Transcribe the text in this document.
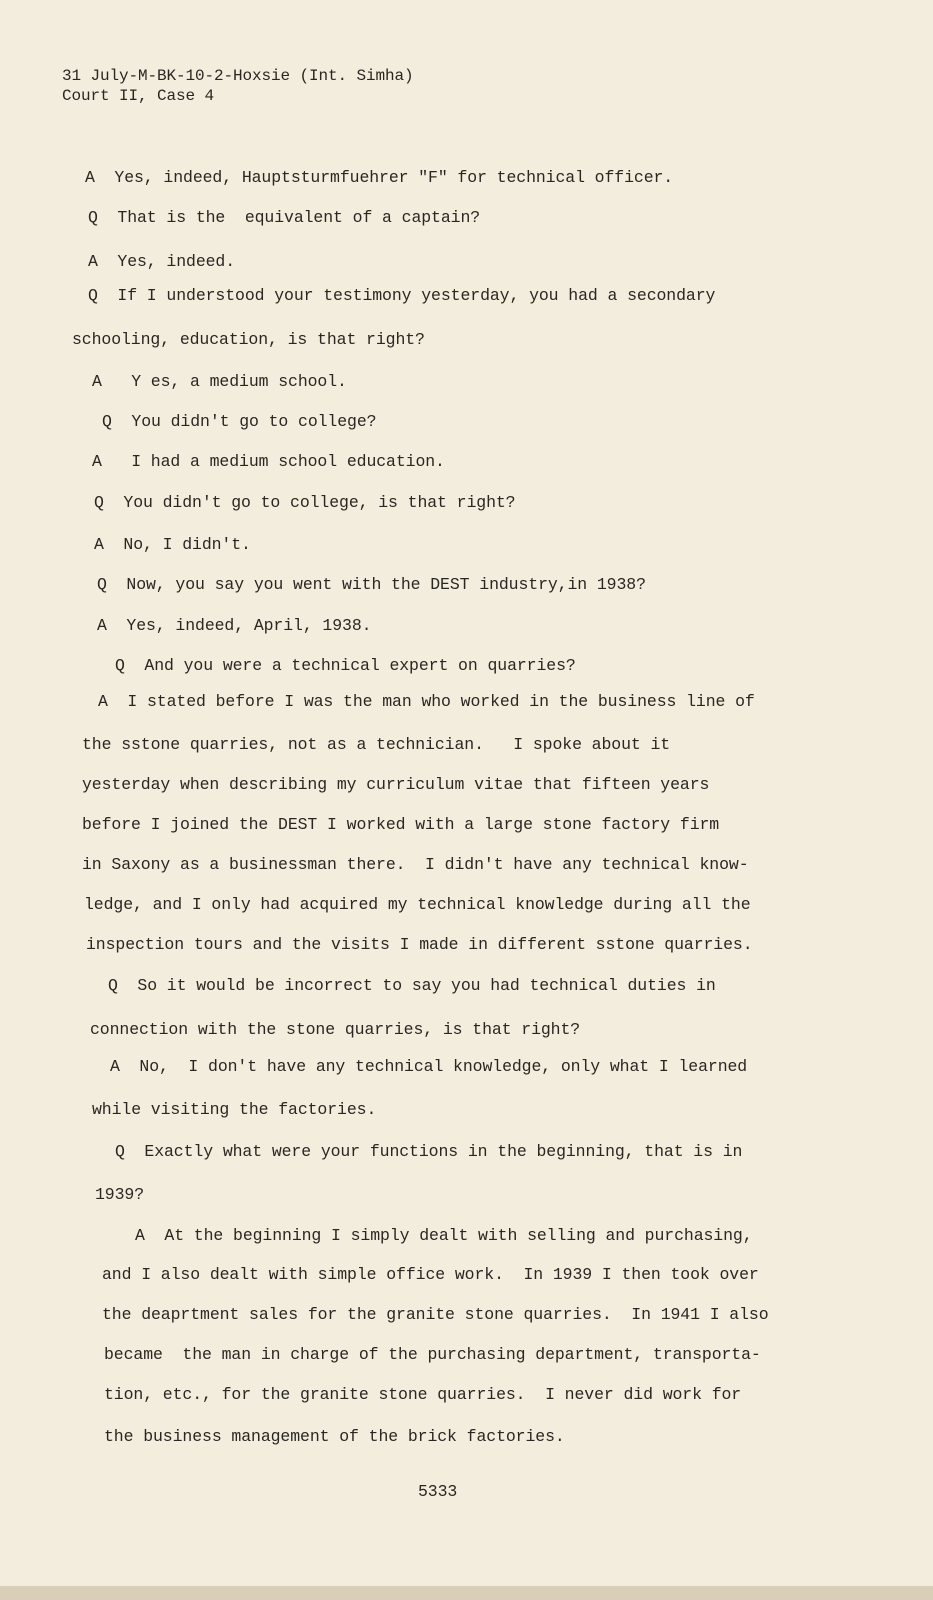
31 July-M-BK-10-2-Hoxsie (Int. Simha)
Court II, Case 4
A  Yes, indeed, Hauptsturmfuehrer "F" for technical officer.
Q  That is the  equivalent of a captain?
A  Yes, indeed.
Q  If I understood your testimony yesterday, you had a secondary
schooling, education, is that right?
A   Y es, a medium school.
Q  You didn't go to college?
A   I had a medium school education.
Q  You didn't go to college, is that right?
A  No, I didn't.
Q  Now, you say you went with the DEST industry,in 1938?
A  Yes, indeed, April, 1938.
Q  And you were a technical expert on quarries?
A  I stated before I was the man who worked in the business line of
the sstone quarries, not as a technician.   I spoke about it
yesterday when describing my curriculum vitae that fifteen years
before I joined the DEST I worked with a large stone factory firm
in Saxony as a businessman there.  I didn't have any technical know-
ledge, and I only had acquired my technical knowledge during all the
inspection tours and the visits I made in different sstone quarries.
Q  So it would be incorrect to say you had technical duties in
connection with the stone quarries, is that right?
A  No,  I don't have any technical knowledge, only what I learned
while visiting the factories.
Q  Exactly what were your functions in the beginning, that is in
1939?
A  At the beginning I simply dealt with selling and purchasing,
and I also dealt with simple office work.  In 1939 I then took over
the deaprtment sales for the granite stone quarries.  In 1941 I also
became  the man in charge of the purchasing department, transporta-
tion, etc., for the granite stone quarries.  I never did work for
the business management of the brick factories.
5333
